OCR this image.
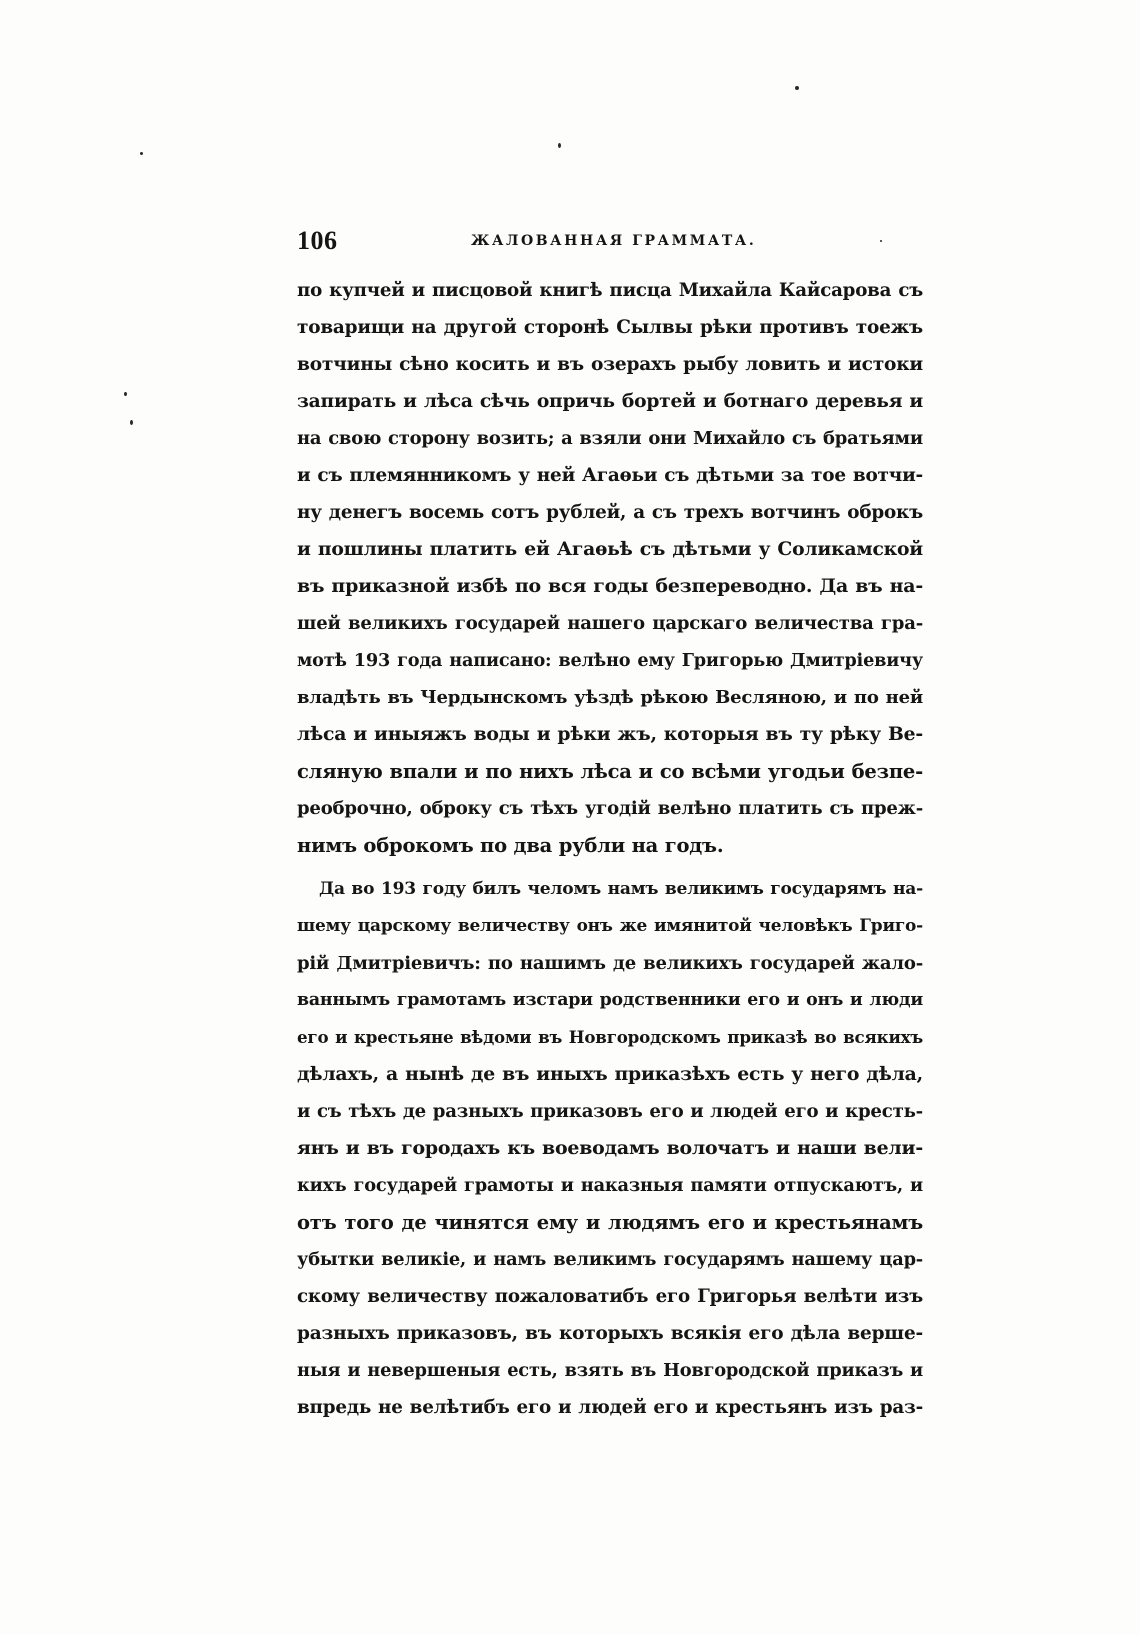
106	ЖАЛОВАННАЯ ГРАММАТА.
по купчей и писцовой книгѣ писца Михайла Кайсарова съ
товарищи на другой сторонѣ Сылвы рѣки противъ тоежъ
вотчины сѣно косить и въ озерахъ рыбу ловить и истоки
запирать и лѣса сѣчь опричь бортей и ботнаго деревья и
на свою сторону возить; а взяли они Михайло съ братьями
и съ племянникомъ у ней Агаѳьи съ дѣтьми за тое вотчи-
ну денегъ восемь сотъ рублей, а съ трехъ вотчинъ оброкъ
и пошлины платить ей Агаѳьѣ съ дѣтьми у Соликамской
въ приказной избѣ по вся годы безпереводно. Да въ на-
шей великихъ государей нашего царскаго величества гра-
мотѣ 193 года написано: велѣно ему Григорью Дмитріевичу
владѣть въ Чердынскомъ уѣздѣ рѣкою Весляною, и по ней
лѣса и иныяжъ воды и рѣки жъ, которыя въ ту рѣку Ве-
сляную впали и по нихъ лѣса и со всѣми угодьи безпе-
реоброчно, оброку съ тѣхъ угодій велѣно платить съ преж-
нимъ оброкомъ по два рубли на годъ.
Да во 193 году билъ челомъ намъ великимъ государямъ на-
шему царскому величеству онъ же имянитой человѣкъ Григо-
рій Дмитріевичъ: по нашимъ де великихъ государей жало-
ваннымъ грамотамъ изстари родственники его и онъ и люди
его и крестьяне вѣдоми въ Новгородскомъ приказѣ во всякихъ
дѣлахъ, а нынѣ де въ иныхъ приказѣхъ есть у него дѣла,
и съ тѣхъ де разныхъ приказовъ его и людей его и кресть-
янъ и въ городахъ къ воеводамъ волочатъ и наши вели-
кихъ государей грамоты и наказныя памяти отпускаютъ, и
отъ того де чинятся ему и людямъ его и крестьянамъ
убытки великіе, и намъ великимъ государямъ нашему цар-
скому величеству пожаловатибъ его Григорья велѣти изъ
разныхъ приказовъ, въ которыхъ всякія его дѣла верше-
ныя и невершеныя есть, взять въ Новгородской приказъ и
впредь не велѣтибъ его и людей его и крестьянъ изъ раз-
